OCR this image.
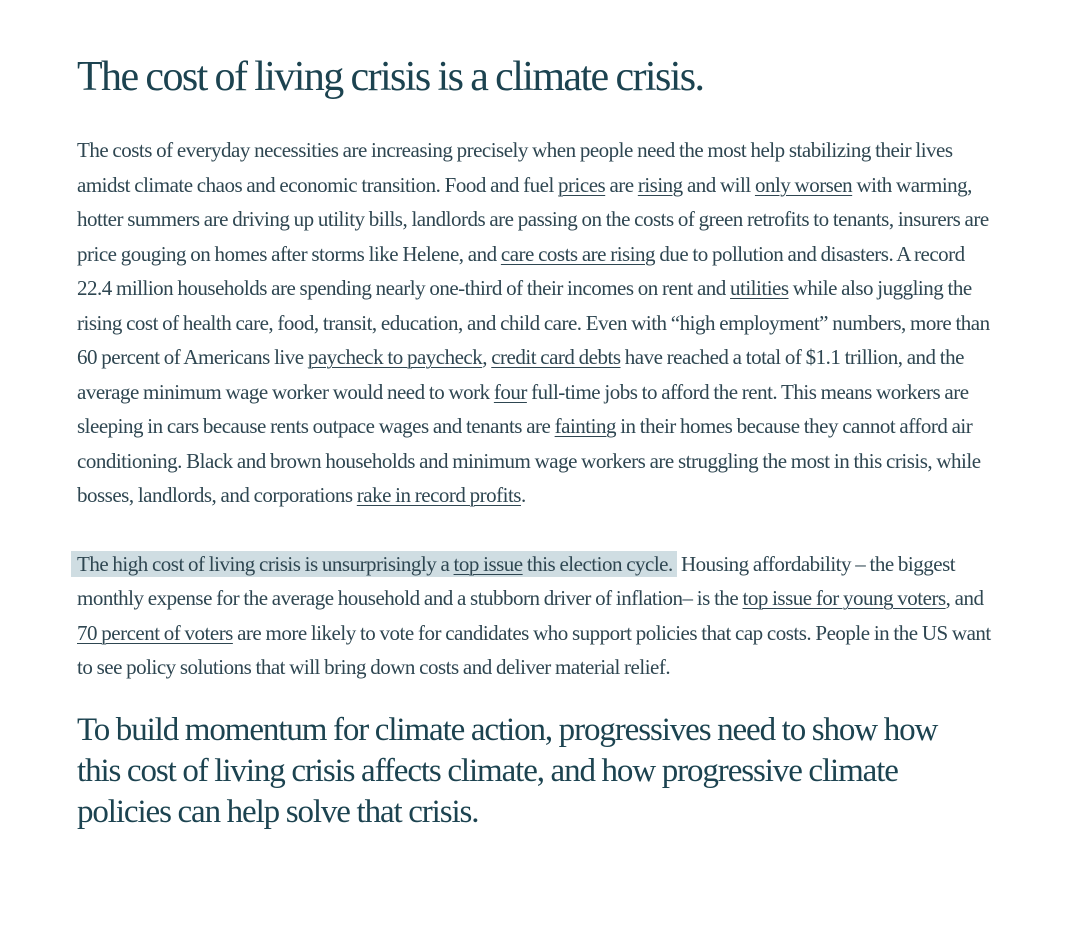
The cost of living crisis is a climate crisis.

The costs of everyday necessities are increasing precisely when people need the most help stabilizing their lives amidst climate chaos and economic transition. Food and fuel prices are rising and will only worsen with warming, hotter summers are driving up utility bills, landlords are passing on the costs of green retrofits to tenants, insurers are price gouging on homes after storms like Helene, and care costs are rising due to pollution and disasters. A record 22.4 million households are spending nearly one-third of their incomes on rent and utilities while also juggling the rising cost of health care, food, transit, education, and child care. Even with “high employment” numbers, more than 60 percent of Americans live paycheck to paycheck, credit card debts have reached a total of $1.1 trillion, and the average minimum wage worker would need to work four full-time jobs to afford the rent. This means workers are sleeping in cars because rents outpace wages and tenants are fainting in their homes because they cannot afford air conditioning. Black and brown households and minimum wage workers are struggling the most in this crisis, while bosses, landlords, and corporations rake in record profits.

The high cost of living crisis is unsurprisingly a top issue this election cycle. Housing affordability – the biggest monthly expense for the average household and a stubborn driver of inflation– is the top issue for young voters, and 70 percent of voters are more likely to vote for candidates who support policies that cap costs. People in the US want to see policy solutions that will bring down costs and deliver material relief.

To build momentum for climate action, progressives need to show how this cost of living crisis affects climate, and how progressive climate policies can help solve that crisis.
